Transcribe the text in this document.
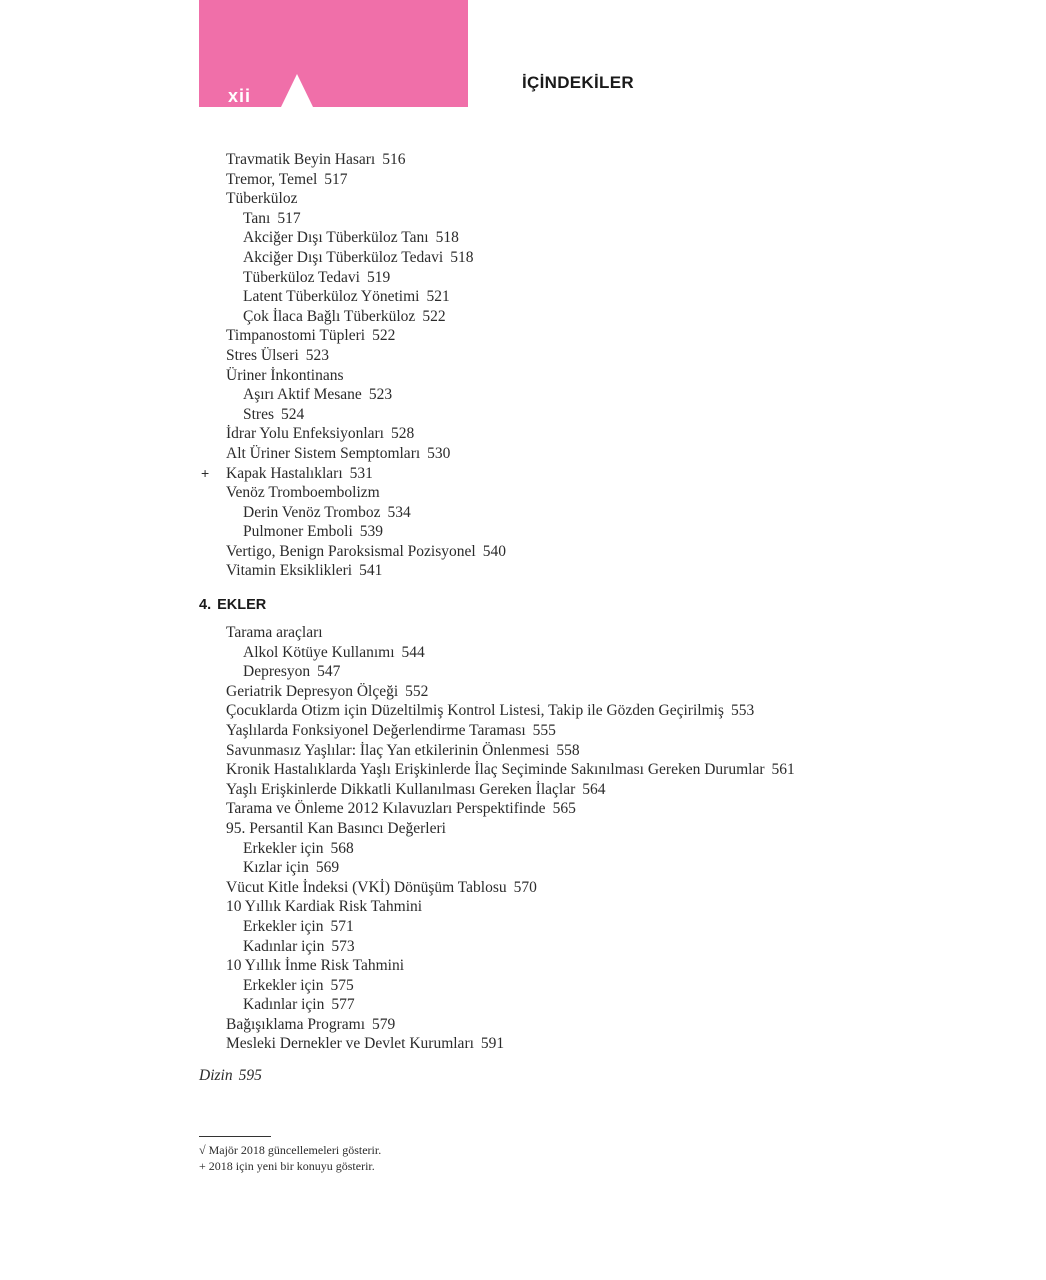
xii
İÇİNDEKİLER
Travmatik Beyin Hasarı 516
Tremor, Temel 517
Tüberküloz
Tanı 517
Akciğer Dışı Tüberküloz Tanı 518
Akciğer Dışı Tüberküloz Tedavi 518
Tüberküloz Tedavi 519
Latent Tüberküloz Yönetimi 521
Çok İlaca Bağlı Tüberküloz 522
Timpanostomi Tüpleri 522
Stres Ülseri 523
Üriner İnkontinans
Aşırı Aktif Mesane 523
Stres 524
İdrar Yolu Enfeksiyonları 528
Alt Üriner Sistem Semptomları 530
+ Kapak Hastalıkları 531
Venöz Tromboembolizm
Derin Venöz Tromboz 534
Pulmoner Emboli 539
Vertigo, Benign Paroksismal Pozisyonel 540
Vitamin Eksiklikleri 541
4. EKLER
Tarama araçları
Alkol Kötüye Kullanımı 544
Depresyon 547
Geriatrik Depresyon Ölçeği 552
Çocuklarda Otizm için Düzeltilmiş Kontrol Listesi, Takip ile Gözden Geçirilmiş 553
Yaşlılarda Fonksiyonel Değerlendirme Taraması 555
Savunmasız Yaşlılar: İlaç Yan etkilerinin Önlenmesi 558
Kronik Hastalıklarda Yaşlı Erişkinlerde İlaç Seçiminde Sakınılması Gereken Durumlar 561
Yaşlı Erişkinlerde Dikkatli Kullanılması Gereken İlaçlar 564
Tarama ve Önleme 2012 Kılavuzları Perspektifinde 565
95. Persantil Kan Basıncı Değerleri
Erkekler için 568
Kızlar için 569
Vücut Kitle İndeksi (VKİ) Dönüşüm Tablosu 570
10 Yıllık Kardiak Risk Tahmini
Erkekler için 571
Kadınlar için 573
10 Yıllık İnme Risk Tahmini
Erkekler için 575
Kadınlar için 577
Bağışıklama Programı 579
Mesleki Dernekler ve Devlet Kurumları 591
Dizin 595
√ Majör 2018 güncellemeleri gösterir.
+ 2018 için yeni bir konuyu gösterir.
